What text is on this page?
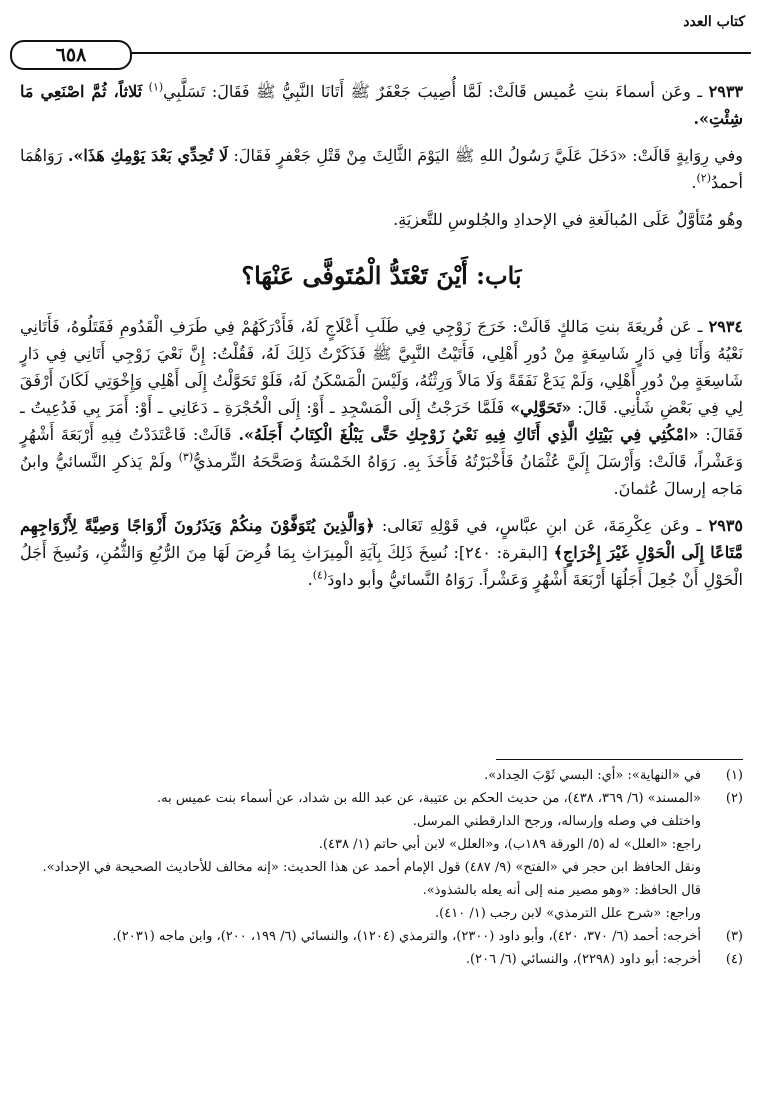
كتاب العدد
٦٥٨

٢٩٣٣ ـ وعَن أسماءَ بنتِ عُميس قَالَتْ: لَمَّا أُصِيبَ جَعْفَرٌ ﷺ أَتَانَا النَّبِيُّ ﷺ فَقَالَ: تَسَلَّبِي$^{(١)}$ ثَلاثاً، ثُمَّ اصْنَعِي مَا شِئْتِ».

وفي رِوَايةٍ قَالَتْ: «دَخَلَ عَلَيَّ رَسُولُ اللهِ ﷺ اليَوْمَ الثَّالِثَ مِنْ قَتْلِ جَعْفرٍ فَقَالَ: لَا تُحِدِّي بَعْدَ يَوْمِكِ هَذَا». رَوَاهُمَا أحمدُ$^{(٢)}$.

وهُو مُتَأوَّلٌ عَلَى المُبالَغةِ في الإحدادِ والجُلوسِ للتَّعزيَةِ.

بَاب: أَيْنَ تَعْتَدُّ الْمُتَوفَّى عَنْهَا؟

٢٩٣٤ ـ عَن فُريعَةَ بنتِ مَالكٍ قَالَتْ: خَرَجَ زَوْجِي فِي طَلَبِ أَعْلَاجٍ لَهُ، فَأَدْرَكَهُمْ فِي طَرَفِ الْقَدُومِ فَقَتَلُوهُ، فَأَتَانِي نَعْيُهُ وَأَنَا فِي دَارٍ شَاسِعَةٍ مِنْ دُورِ أَهْلِي، فَأَتَيْتُ النَّبِيَّ ﷺ فَذَكَرْتُ ذَلِكَ لَهُ، فَقُلْتُ: إِنَّ نَعْيَ زَوْجِي أَتَانِي فِي دَارٍ شَاسِعَةٍ مِنْ دُورِ أَهْلِي، وَلَمْ يَدَعْ نَفَقَةً وَلَا مَالاً وَرِثْتُهُ، وَلَيْسَ الْمَسْكَنُ لَهُ، فَلَوْ تَحَوَّلْتُ إِلَى أَهْلِي وَإِخْوَتِي لَكَانَ أَرْفَقَ لِي فِي بَعْضِ شَأْنِي. قَالَ: «تَحَوَّلِي» فَلَمَّا خَرَجْتُ إِلَى الْمَسْجِدِ ـ أَوْ: إِلَى الْحُجْرَةِ ـ دَعَانِي ـ أَوْ: أَمَرَ بِي فَدُعِيتُ ـ فَقَالَ: «امْكُثِي فِي بَيْتِكِ الَّذِي أَتَاكِ فِيهِ نَعْيُ زَوْجِكِ حَتَّى يَبْلُغَ الْكِتَابُ أَجَلَهُ». قَالَتْ: فَاعْتَدَدْتُ فِيهِ أَرْبَعَةَ أَشْهُرٍ وَعَشْراً، قَالَتْ: وَأَرْسَلَ إِلَيَّ عُثْمَانُ فَأَخْبَرْتُهُ فَأَخَذَ بِهِ. رَوَاهُ الخَمْسَةُ وَصَحَّحَهُ التِّرمذيُّ$^{(٣)}$ ولَمْ يَذكرِ النَّسائيُّ وابنُ مَاجه إرسالَ عُثمانَ.

٢٩٣٥ ـ وعَن عِكْرِمَةَ، عَن ابنِ عبَّاسٍ، في قَوْلِهِ تَعَالى: ﴿وَالَّذِينَ يُتَوَفَّوْنَ مِنكُمْ وَيَذَرُونَ أَزْوَاجًا وَصِيَّةً لِأَزْوَاجِهِم مَّتَاعًا إِلَى الْحَوْلِ غَيْرَ إِخْرَاجٍ﴾ [البقرة: ٢٤٠]: نُسِخَ ذَلِكَ بِآيَةِ الْمِيرَاثِ بِمَا فُرِضَ لَهَا مِنَ الرُّبُعِ وَالثُّمُنِ، وَنُسِخَ أَجَلُ الْحَوْلِ أَنْ جُعِلَ أَجَلُهَا أَرْبَعَةَ أَشْهُرٍ وَعَشْراً. رَوَاهُ النَّسائيُّ وأبو داودَ$^{(٤)}$.

(١)

في «النهاية»: «أي: البسي ثَوْبَ الحِداد».

(٢)

«المسند» (٦/ ٣٦٩، ٤٣٨)، من حديث الحكم بن عتيبة، عن عبد الله بن شداد، عن أسماء بنت عميس به.

واختلف في وصله وإرساله، ورجح الدارقطني المرسل.

راجع: «العلل» له (٥/ الورقة ١٨٩ب)، و«العلل» لابن أبي حاتم (١/ ٤٣٨).

ونقل الحافظ ابن حجر في «الفتح» (٩/ ٤٨٧) قول الإمام أحمد عن هذا الحديث: «إنه مخالف للأحاديث الصحيحة في الإحداد».

قال الحافظ: «وهو مصير منه إلى أنه يعله بالشذوذ».

وراجع: «شرح علل الترمذي» لابن رجب (١/ ٤١٠).

(٣)

أخرجه: أحمد (٦/ ٣٧٠، ٤٢٠)، وأبو داود (٢٣٠٠)، والترمذي (١٢٠٤)، والنسائي (٦/ ١٩٩، ٢٠٠)، وابن ماجه (٢٠٣١).

(٤)

أخرجه: أبو داود (٢٢٩٨)، والنسائي (٦/ ٢٠٦).
